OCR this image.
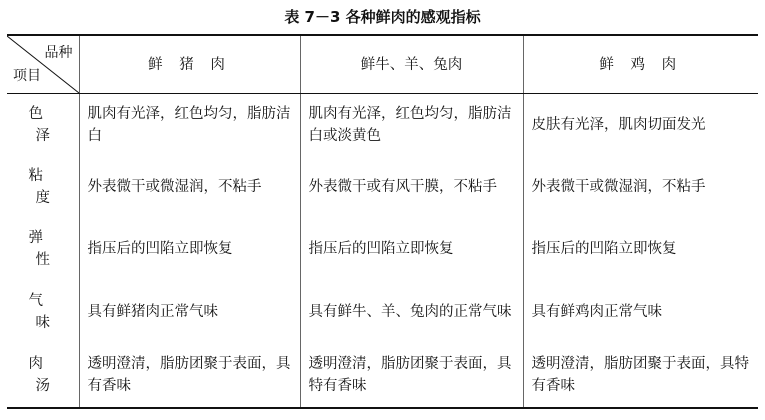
表 7－3 各种鲜肉的感观指标
品种
项目	鲜 猪 肉	鲜牛、羊、兔肉	鲜 鸡 肉
色 泽	肌肉有光泽，红色均匀，脂肪洁白	肌肉有光泽，红色均匀，脂肪洁白或淡黄色	皮肤有光泽，肌肉切面发光
粘 度	外表微干或微湿润，不粘手	外表微干或有风干膜，不粘手	外表微干或微湿润，不粘手
弹 性	指压后的凹陷立即恢复	指压后的凹陷立即恢复	指压后的凹陷立即恢复
气 味	具有鲜猪肉正常气味	具有鲜牛、羊、兔肉的正常气味	具有鲜鸡肉正常气味
肉 汤	透明澄清，脂肪团聚于表面，具有香味	透明澄清，脂肪团聚于表面，具特有香味	透明澄清，脂肪团聚于表面，具特有香味
